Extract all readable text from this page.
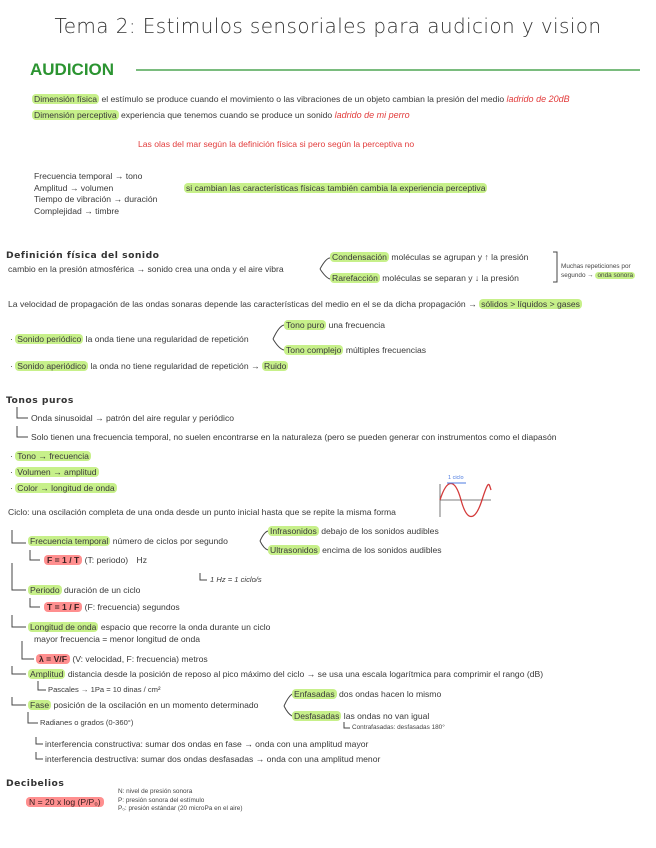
Tema 2: Estimulos sensoriales para audicion y vision
AUDICION
Dimensión física el estímulo se produce cuando el movimiento o las vibraciones de un objeto cambian la presión del medio ladrido de 20dB
Dimensión perceptiva experiencia que tenemos cuando se produce un sonido ladrido de mi perro
Las olas del mar según la definición física si pero según la perceptiva no
Frecuencia temporal → tono
Amplitud → volumen
Tiempo de vibración → duración
Complejidad → timbre
si cambian las características físicas también cambia la experiencia perceptiva
Definición física del sonido
cambio en la presión atmosférica → sonido crea una onda y el aire vibra
Condensación moléculas se agrupan y ↑ la presión
Rarefacción moléculas se separan y ↓ la presión
Muchas repeticiones por
segundo → onda sonora
La velocidad de propagación de las ondas sonaras depende las características del medio en el se da dicha propagación → sólidos > líquidos > gases
· Sonido periódico la onda tiene una regularidad de repetición
Tono puro una frecuencia
Tono complejo múltiples frecuencias
· Sonido aperiódico la onda no tiene regularidad de repetición → Ruido
Tonos puros
Onda sinusoidal → patrón del aire regular y periódico
Solo tienen una frecuencia temporal, no suelen encontrarse en la naturaleza (pero se pueden generar con instrumentos como el diapasón
· Tono → frecuencia
· Volumen → amplitud
· Color → longitud de onda
1 ciclo
Ciclo: una oscilación completa de una onda desde un punto inicial hasta que se repite la misma forma
Frecuencia temporal número de ciclos por segundo
Infrasonidos debajo de los sonidos audibles
Ultrasonidos encima de los sonidos audibles
F = 1 / T (T: periodo) Hz
1 Hz = 1 ciclo/s
Periodo duración de un ciclo
T = 1 / F (F: frecuencia) segundos
Longitud de onda espacio que recorre la onda durante un ciclo
mayor frecuencia = menor longitud de onda
λ = V/F (V: velocidad, F: frecuencia) metros
Amplitud distancia desde la posición de reposo al pico máximo del ciclo → se usa una escala logarítmica para comprimir el rango (dB)
Pascales → 1Pa = 10 dinas / cm²
Fase posición de la oscilación en un momento determinado
Enfasadas dos ondas hacen lo mismo
Desfasadas las ondas no van igual
Contrafasadas: desfasadas 180°
Radianes o grados (0-360°)
interferencia constructiva: sumar dos ondas en fase → onda con una amplitud mayor
interferencia destructiva: sumar dos ondas desfasadas → onda con una amplitud menor
Decibelios
N = 20 x log (P/P₀)
N: nivel de presión sonora
P: presión sonora del estímulo
P₀: presión estándar (20 microPa en el aire)
